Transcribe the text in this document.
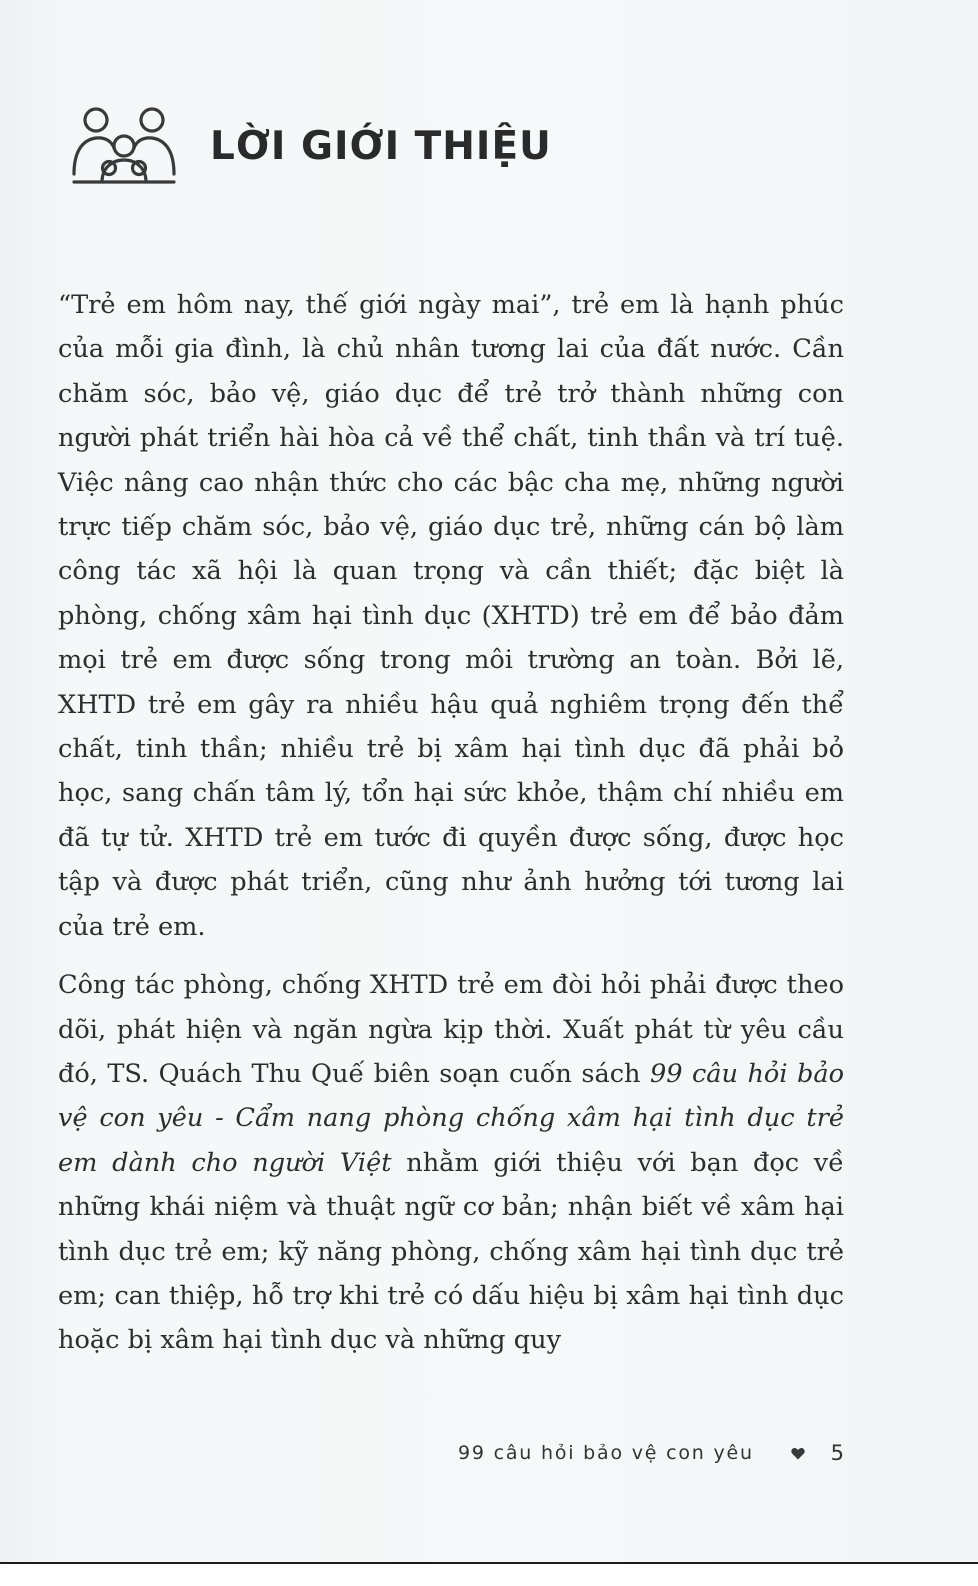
LỜI GIỚI THIỆU

“Trẻ em hôm nay, thế giới ngày mai”, trẻ em là hạnh phúc của mỗi gia đình, là chủ nhân tương lai của đất nước. Cần chăm sóc, bảo vệ, giáo dục để trẻ trở thành những con người phát triển hài hòa cả về thể chất, tinh thần và trí tuệ. Việc nâng cao nhận thức cho các bậc cha mẹ, những người trực tiếp chăm sóc, bảo vệ, giáo dục trẻ, những cán bộ làm công tác xã hội là quan trọng và cần thiết; đặc biệt là phòng, chống xâm hại tình dục (XHTD) trẻ em để bảo đảm mọi trẻ em được sống trong môi trường an toàn. Bởi lẽ, XHTD trẻ em gây ra nhiều hậu quả nghiêm trọng đến thể chất, tinh thần; nhiều trẻ bị xâm hại tình dục đã phải bỏ học, sang chấn tâm lý, tổn hại sức khỏe, thậm chí nhiều em đã tự tử. XHTD trẻ em tước đi quyền được sống, được học tập và được phát triển, cũng như ảnh hưởng tới tương lai của trẻ em.

Công tác phòng, chống XHTD trẻ em đòi hỏi phải được theo dõi, phát hiện và ngăn ngừa kịp thời. Xuất phát từ yêu cầu đó, TS. Quách Thu Quế biên soạn cuốn sách 99 câu hỏi bảo vệ con yêu - Cẩm nang phòng chống xâm hại tình dục trẻ em dành cho người Việt nhằm giới thiệu với bạn đọc về những khái niệm và thuật ngữ cơ bản; nhận biết về xâm hại tình dục trẻ em; kỹ năng phòng, chống xâm hại tình dục trẻ em; can thiệp, hỗ trợ khi trẻ có dấu hiệu bị xâm hại tình dục hoặc bị xâm hại tình dục và những quy

99 câu hỏi bảo vệ con yêu	5
